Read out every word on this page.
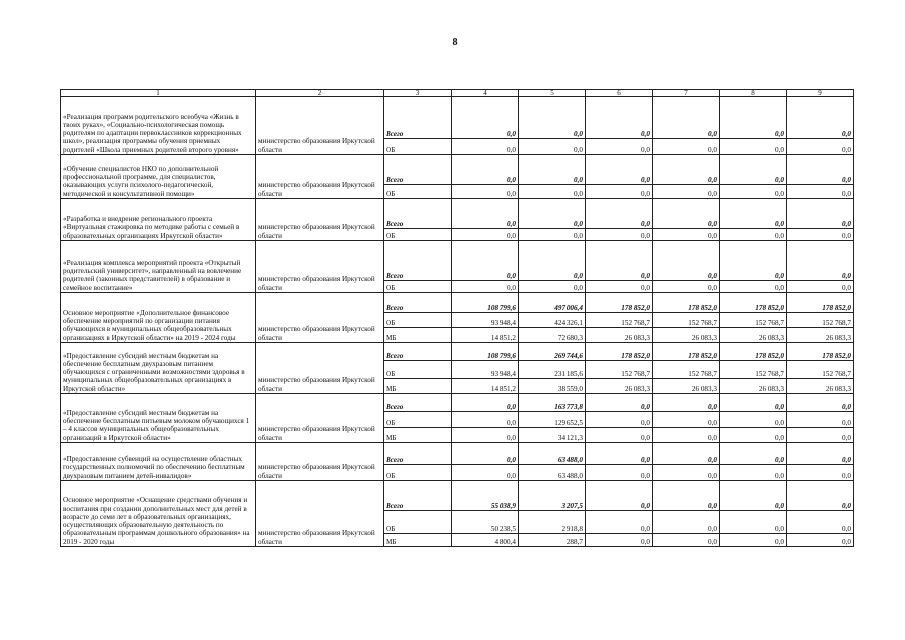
8
1	2	3	4	5	6	7	8	9
«Реализация программ родительского всеобуча «Жизнь в твоих руках», «Социально-психологическая помощь родителям по адаптации первоклассников коррекционных школ», реализация программы обучения приемных родителей «Школа приемных родителей второго уровня»	министерство образования Иркутской области	Всего	0,0	0,0	0,0	0,0	0,0	0,0
		ОБ	0,0	0,0	0,0	0,0	0,0	0,0
«Обучение специалистов НКО по дополнительной профессиональной программе, для специалистов, оказывающих услуги психолого-педагогической, методической и консультативной помощи»	министерство образования Иркутской области	Всего	0,0	0,0	0,0	0,0	0,0	0,0
		ОБ	0,0	0,0	0,0	0,0	0,0	0,0
«Разработка и внедрение регионального проекта «Виртуальная стажировка по методике работы с семьей в образовательных организациях Иркутской области»	министерство образования Иркутской области	Всего	0,0	0,0	0,0	0,0	0,0	0,0
		ОБ	0,0	0,0	0,0	0,0	0,0	0,0
«Реализация комплекса мероприятий проекта «Открытый родительский университет», направленный на вовлечение родителей (законных представителей) в образование и семейное воспитание»	министерство образования Иркутской области	Всего	0,0	0,0	0,0	0,0	0,0	0,0
		ОБ	0,0	0,0	0,0	0,0	0,0	0,0
Основное мероприятие «Дополнительное финансовое обеспечение мероприятий по организации питания обучающихся в муниципальных общеобразовательных организациях в Иркутской области» на 2019 - 2024 годы	министерство образования Иркутской области	Всего	108 799,6	497 006,4	178 852,0	178 852,0	178 852,0	178 852,0
		ОБ	93 948,4	424 326,1	152 768,7	152 768,7	152 768,7	152 768,7
		МБ	14 851,2	72 680,3	26 083,3	26 083,3	26 083,3	26 083,3
«Предоставление субсидий местным бюджетам на обеспечение бесплатным двухразовым питанием обучающихся с ограниченными возможностями здоровья в муниципальных общеобразовательных организациях в Иркутской области»	министерство образования Иркутской области	Всего	108 799,6	269 744,6	178 852,0	178 852,0	178 852,0	178 852,0
		ОБ	93 948,4	231 185,6	152 768,7	152 768,7	152 768,7	152 768,7
		МБ	14 851,2	38 559,0	26 083,3	26 083,3	26 083,3	26 083,3
«Предоставление субсидий местным бюджетам на обеспечение бесплатным питьевым молоком обучающихся 1 – 4 классов муниципальных общеобразовательных организаций в Иркутской области»	министерство образования Иркутской области	Всего	0,0	163 773,8	0,0	0,0	0,0	0,0
		ОБ	0,0	129 652,5	0,0	0,0	0,0	0,0
		МБ	0,0	34 121,3	0,0	0,0	0,0	0,0
«Предоставление субвенций на осуществление областных государственных полномочий по обеспечению бесплатным двухразовым питанием детей-инвалидов»	министерство образования Иркутской области	Всего	0,0	63 488,0	0,0	0,0	0,0	0,0
		ОБ	0,0	63 488,0	0,0	0,0	0,0	0,0
Основное мероприятие «Оснащение средствами обучения и воспитания при создании дополнительных мест для детей в возрасте до семи лет в образовательных организациях, осуществляющих образовательную деятельность по образовательным программам дошкольного образования» на 2019 - 2020 годы	министерство образования Иркутской области	Всего	55 038,9	3 207,5	0,0	0,0	0,0	0,0
		ОБ	50 238,5	2 918,8	0,0	0,0	0,0	0,0
		МБ	4 800,4	288,7	0,0	0,0	0,0	0,0
